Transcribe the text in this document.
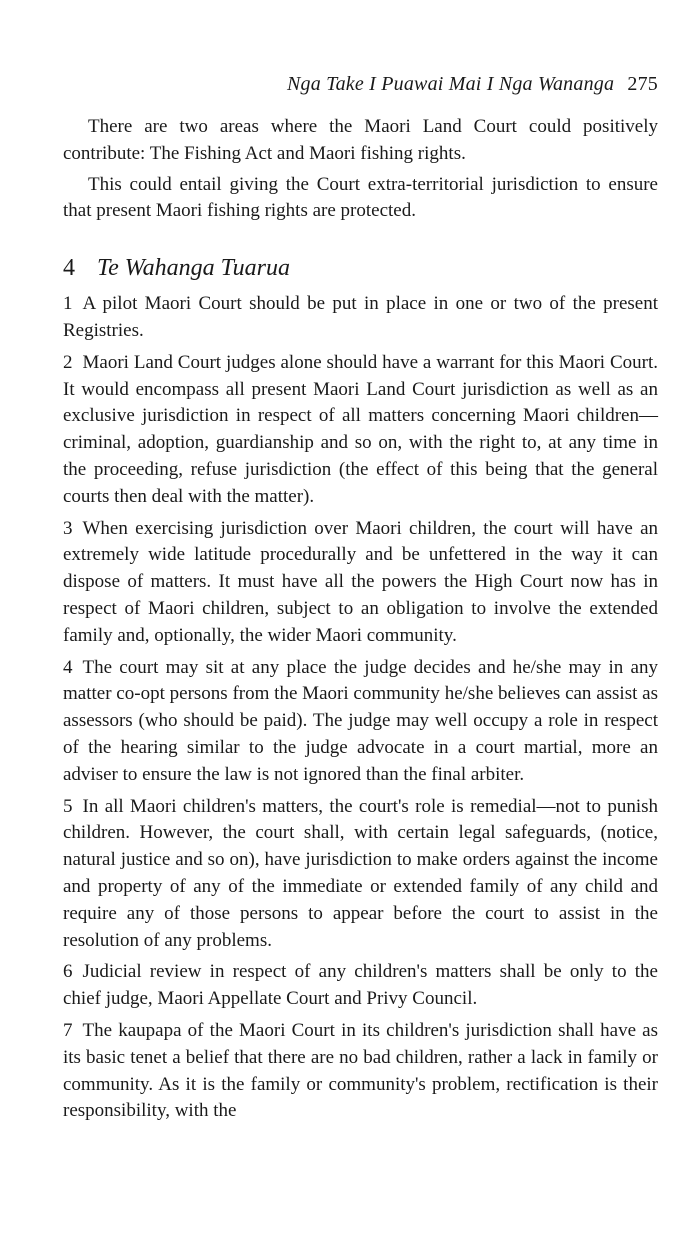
Nga Take I Puawai Mai I Nga Wananga 275

There are two areas where the Maori Land Court could positively contribute: The Fishing Act and Maori fishing rights.

This could entail giving the Court extra-territorial jurisdiction to ensure that present Maori fishing rights are protected.

4 Te Wahanga Tuarua

1 A pilot Maori Court should be put in place in one or two of the present Registries.

2 Maori Land Court judges alone should have a warrant for this Maori Court. It would encompass all present Maori Land Court jurisdiction as well as an exclusive jurisdiction in respect of all matters concerning Maori children—criminal, adoption, guardianship and so on, with the right to, at any time in the proceeding, refuse jurisdiction (the effect of this being that the general courts then deal with the matter).

3 When exercising jurisdiction over Maori children, the court will have an extremely wide latitude procedurally and be unfettered in the way it can dispose of matters. It must have all the powers the High Court now has in respect of Maori children, subject to an obligation to involve the extended family and, optionally, the wider Maori community.

4 The court may sit at any place the judge decides and he/she may in any matter co-opt persons from the Maori community he/she believes can assist as assessors (who should be paid). The judge may well occupy a role in respect of the hearing similar to the judge advocate in a court martial, more an adviser to ensure the law is not ignored than the final arbiter.

5 In all Maori children's matters, the court's role is remedial—not to punish children. However, the court shall, with certain legal safeguards, (notice, natural justice and so on), have jurisdiction to make orders against the income and property of any of the immediate or extended family of any child and require any of those persons to appear before the court to assist in the resolution of any problems.

6 Judicial review in respect of any children's matters shall be only to the chief judge, Maori Appellate Court and Privy Council.

7 The kaupapa of the Maori Court in its children's jurisdiction shall have as its basic tenet a belief that there are no bad children, rather a lack in family or community. As it is the family or community's problem, rectification is their responsibility, with the
